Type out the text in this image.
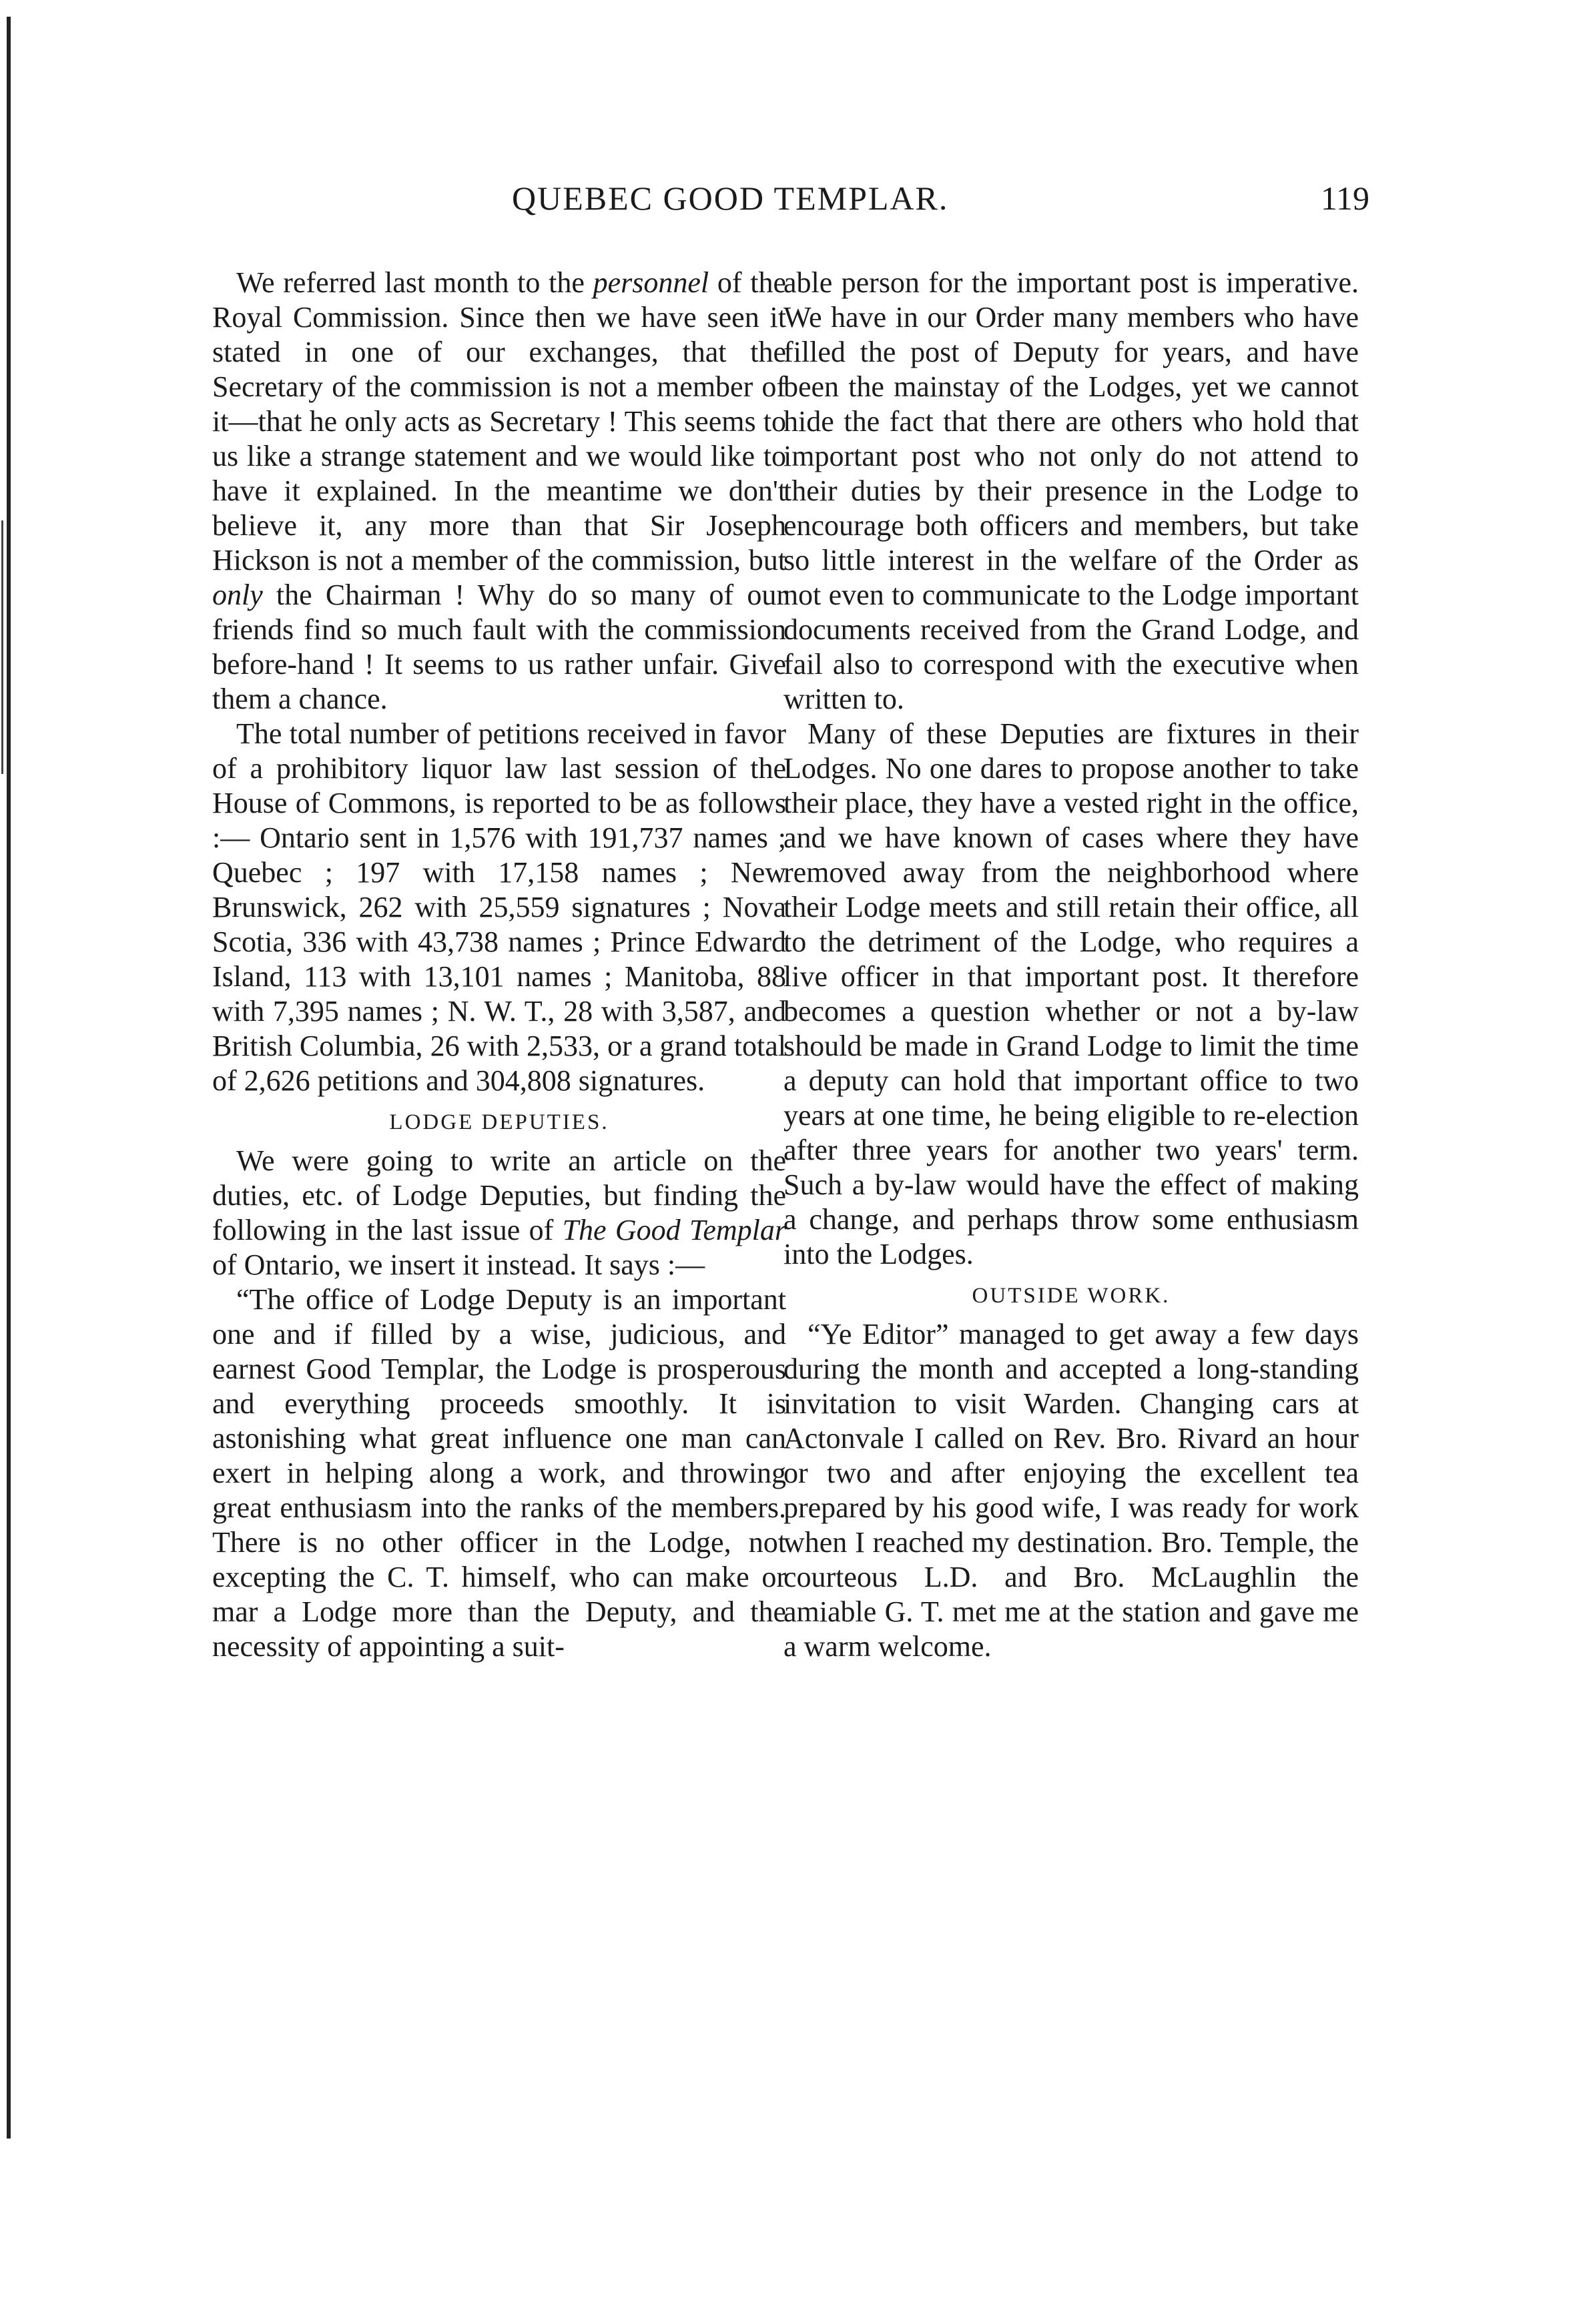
QUEBEC GOOD TEMPLAR.	119

We referred last month to the personnel of the Royal Commission. Since then we have seen it stated in one of our exchanges, that the Secretary of the commission is not a member of it—that he only acts as Secretary ! This seems to us like a strange statement and we would like to have it explained. In the meantime we don't believe it, any more than that Sir Joseph Hickson is not a member of the commission, but only the Chairman ! Why do so many of our friends find so much fault with the commission before-hand ! It seems to us rather unfair. Give them a chance.

The total number of petitions received in favor of a prohibitory liquor law last session of the House of Commons, is reported to be as follows :— Ontario sent in 1,576 with 191,737 names ; Quebec ; 197 with 17,158 names ; New Brunswick, 262 with 25,559 signatures ; Nova Scotia, 336 with 43,738 names ; Prince Edward Island, 113 with 13,101 names ; Manitoba, 88 with 7,395 names ; N. W. T., 28 with 3,587, and British Columbia, 26 with 2,533, or a grand total of 2,626 petitions and 304,808 signatures.

LODGE DEPUTIES.

We were going to write an article on the duties, etc. of Lodge Deputies, but finding the following in the last issue of The Good Templar of Ontario, we insert it instead. It says :—

“The office of Lodge Deputy is an important one and if filled by a wise, judicious, and earnest Good Templar, the Lodge is prosperous and everything proceeds smoothly. It is astonishing what great influence one man can exert in helping along a work, and throwing great enthusiasm into the ranks of the members. There is no other officer in the Lodge, not excepting the C. T. himself, who can make or mar a Lodge more than the Deputy, and the necessity of appointing a suit-

able person for the important post is imperative. We have in our Order many members who have filled the post of Deputy for years, and have been the mainstay of the Lodges, yet we cannot hide the fact that there are others who hold that important post who not only do not attend to their duties by their presence in the Lodge to encourage both officers and members, but take so little interest in the welfare of the Order as not even to communicate to the Lodge important documents received from the Grand Lodge, and fail also to correspond with the executive when written to.

Many of these Deputies are fixtures in their Lodges. No one dares to propose another to take their place, they have a vested right in the office, and we have known of cases where they have removed away from the neighborhood where their Lodge meets and still retain their office, all to the detriment of the Lodge, who requires a live officer in that important post. It therefore becomes a question whether or not a by-law should be made in Grand Lodge to limit the time a deputy can hold that important office to two years at one time, he being eligible to re-election after three years for another two years' term. Such a by-law would have the effect of making a change, and perhaps throw some enthusiasm into the Lodges.

OUTSIDE WORK.

“Ye Editor” managed to get away a few days during the month and accepted a long-standing invitation to visit Warden. Changing cars at Actonvale I called on Rev. Bro. Rivard an hour or two and after enjoying the excellent tea prepared by his good wife, I was ready for work when I reached my destination. Bro. Temple, the courteous L.D. and Bro. McLaughlin the amiable G. T. met me at the station and gave me a warm welcome.
